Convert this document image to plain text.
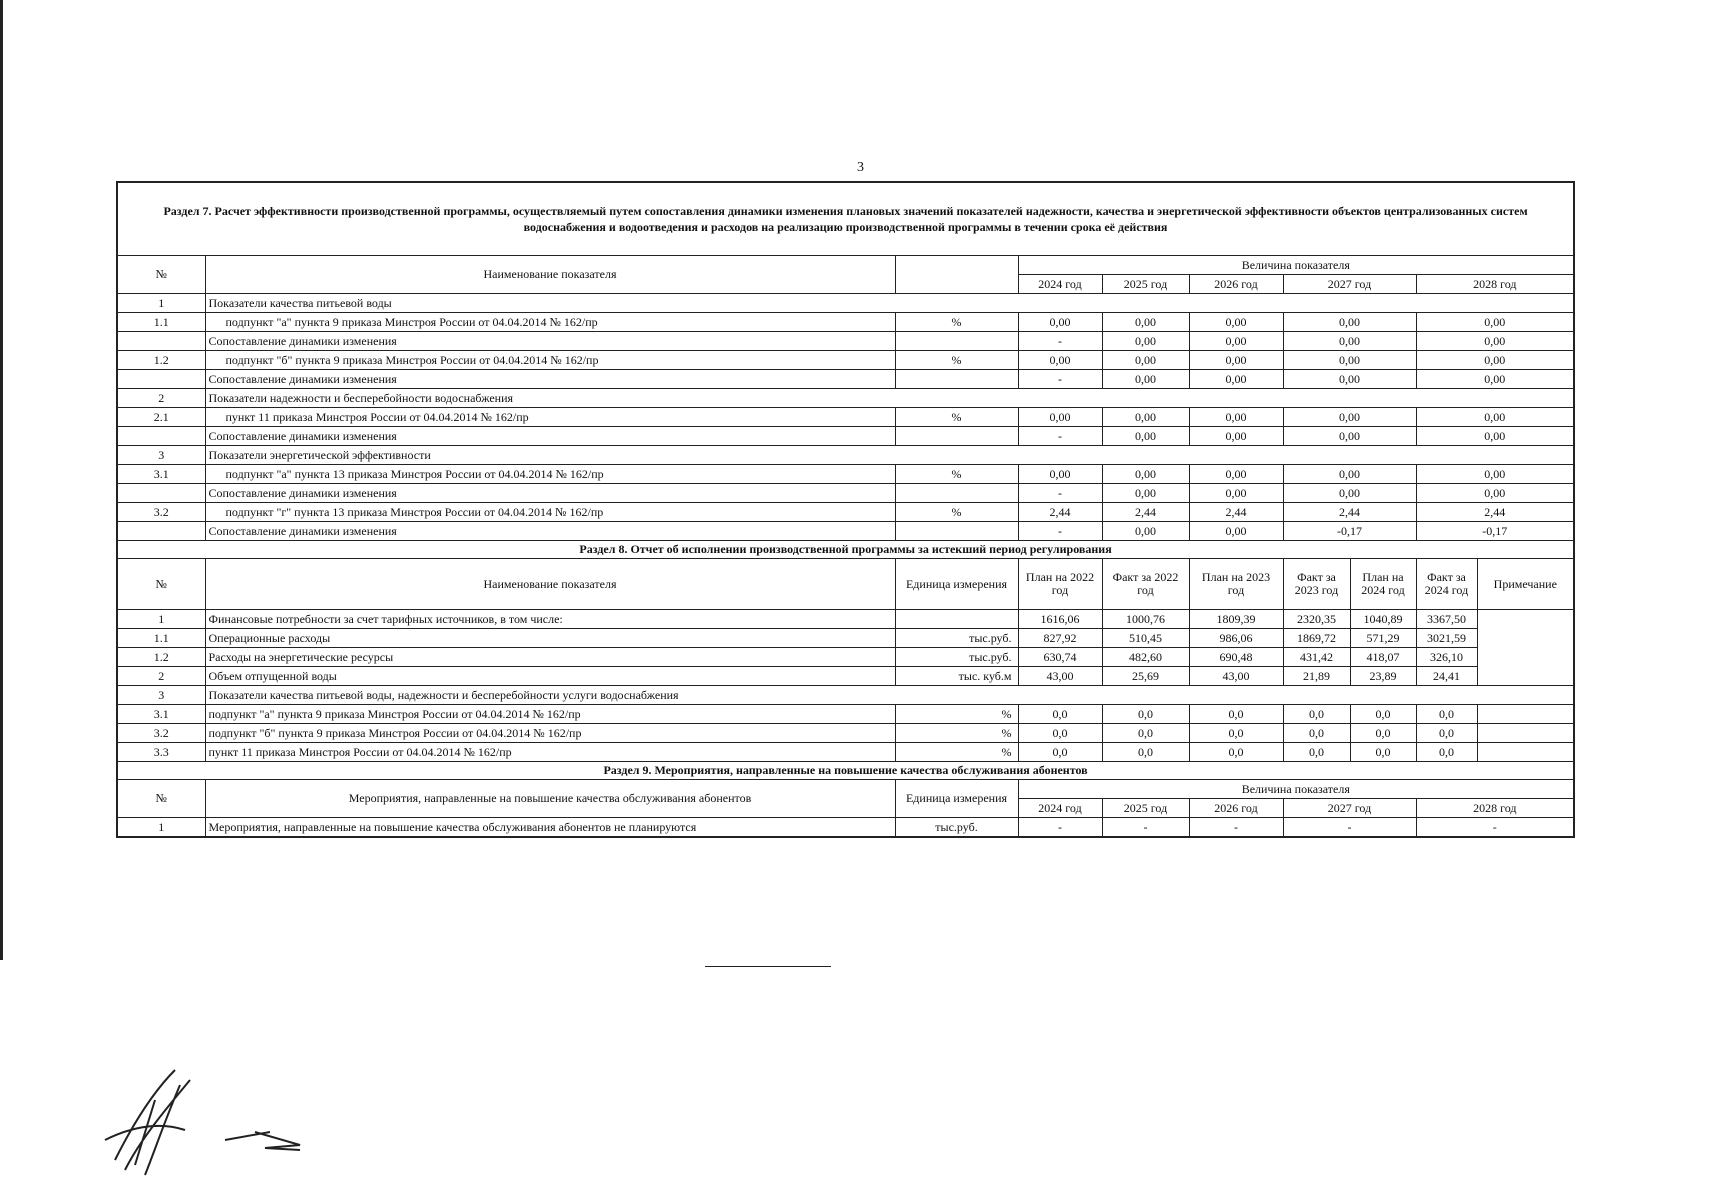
3
Раздел 7. Расчет эффективности производственной программы, осуществляемый путем сопоставления динамики изменения плановых значений показателей надежности, качества и энергетической эффективности объектов централизованных систем водоснабжения и водоотведения и расходов на реализацию производственной программы в течении срока её действия									
№	Наименование показателя		Величина показателя						
			2024 год	2025 год	2026 год	2027 год		2028 год	
1	Показатели качества питьевой воды								
1.1	подпункт "а" пункта 9 приказа Минстроя России от 04.04.2014 № 162/пр	%	0,00	0,00	0,00	0,00		0,00	
	Сопоставление динамики изменения		-	0,00	0,00	0,00		0,00	
1.2	подпункт "б" пункта 9 приказа Минстроя России от 04.04.2014 № 162/пр	%	0,00	0,00	0,00	0,00		0,00	
	Сопоставление динамики изменения		-	0,00	0,00	0,00		0,00	
2	Показатели надежности и бесперебойности водоснабжения								
2.1	пункт 11 приказа Минстроя России от 04.04.2014 № 162/пр	%	0,00	0,00	0,00	0,00		0,00	
	Сопоставление динамики изменения		-	0,00	0,00	0,00		0,00	
3	Показатели энергетической эффективности								
3.1	подпункт "а" пункта 13 приказа Минстроя России от 04.04.2014 № 162/пр	%	0,00	0,00	0,00	0,00		0,00	
	Сопоставление динамики изменения		-	0,00	0,00	0,00		0,00	
3.2	подпункт "г" пункта 13 приказа Минстроя России от 04.04.2014 № 162/пр	%	2,44	2,44	2,44	2,44		2,44	
	Сопоставление динамики изменения		-	0,00	0,00	-0,17		-0,17	
Раздел 8. Отчет об исполнении производственной программы за истекший период регулирования									
№	Наименование показателя	Единица измерения	План на 2022 год	Факт за 2022 год	План на 2023 год	Факт за 2023 год	План на 2024 год	Факт за 2024 год	Примечание
1	Финансовые потребности за счет тарифных источников, в том числе:		1616,06	1000,76	1809,39	2320,35	1040,89	3367,50	
1.1	Операционные расходы	тыс.руб.	827,92	510,45	986,06	1869,72	571,29	3021,59	
1.2	Расходы на энергетические ресурсы	тыс.руб.	630,74	482,60	690,48	431,42	418,07	326,10	
2	Объем отпущенной воды	тыс. куб.м	43,00	25,69	43,00	21,89	23,89	24,41	
3	Показатели качества питьевой воды, надежности и бесперебойности услуги водоснабжения								
3.1	подпункт "а" пункта 9 приказа Минстроя России от 04.04.2014 № 162/пр	%	0,0	0,0	0,0	0,0	0,0	0,0	
3.2	подпункт "б" пункта 9 приказа Минстроя России от 04.04.2014 № 162/пр	%	0,0	0,0	0,0	0,0	0,0	0,0	
3.3	пункт 11 приказа Минстроя России от 04.04.2014 № 162/пр	%	0,0	0,0	0,0	0,0	0,0	0,0	
Раздел 9. Мероприятия, направленные на повышение качества обслуживания абонентов									
№	Мероприятия, направленные на повышение качества обслуживания абонентов	Единица измерения	Величина показателя						
			2024 год	2025 год	2026 год	2027 год		2028 год	
1	Мероприятия, направленные на повышение качества обслуживания абонентов не планируются	тыс.руб.	-	-	-	-		-	
